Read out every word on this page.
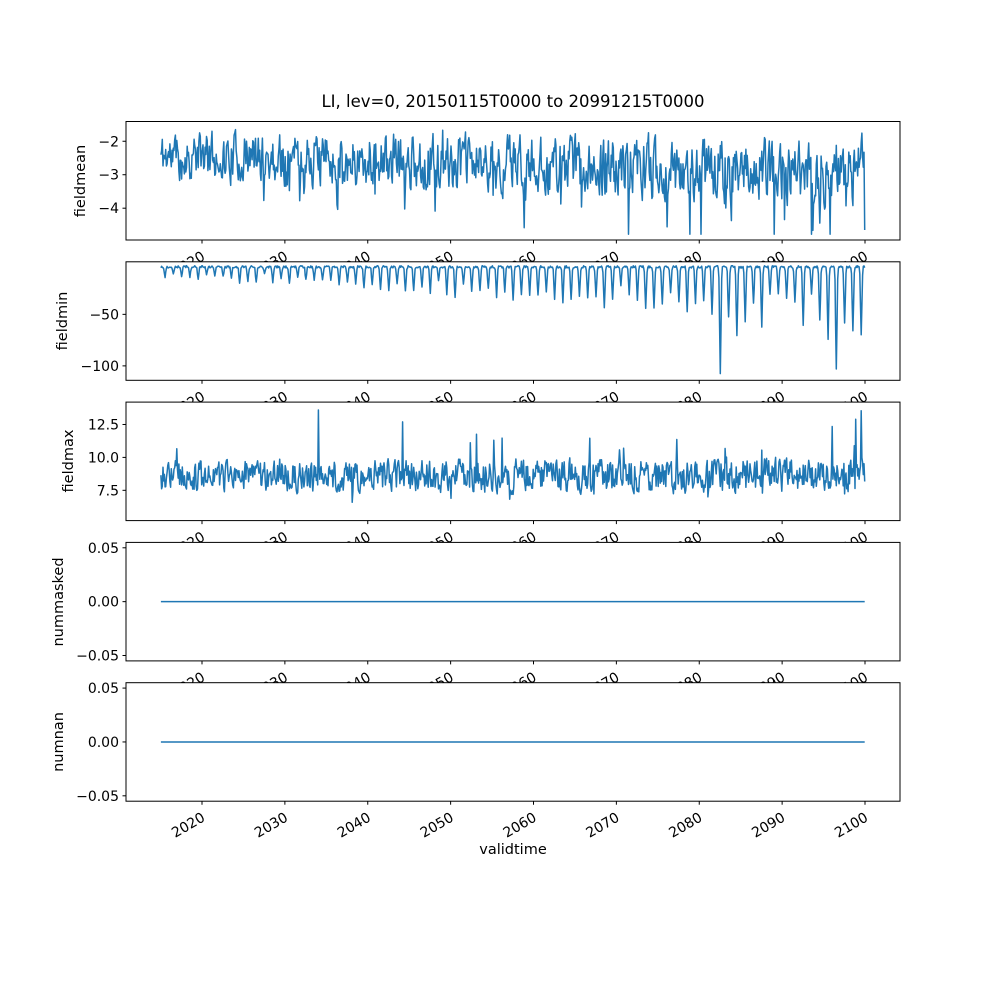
−2
−3
−4
−50
−100
12.5
10.0
7.5
0.05
0.00
−0.05
0.05
0.00
−0.05
2020	2030	2040	2050	2060	2070	2080	2090	2100
LI, lev=0, 20150115T0000 to 20991215T0000
fieldmean
fieldmin
fieldmax
nummasked
numnan
validtime
